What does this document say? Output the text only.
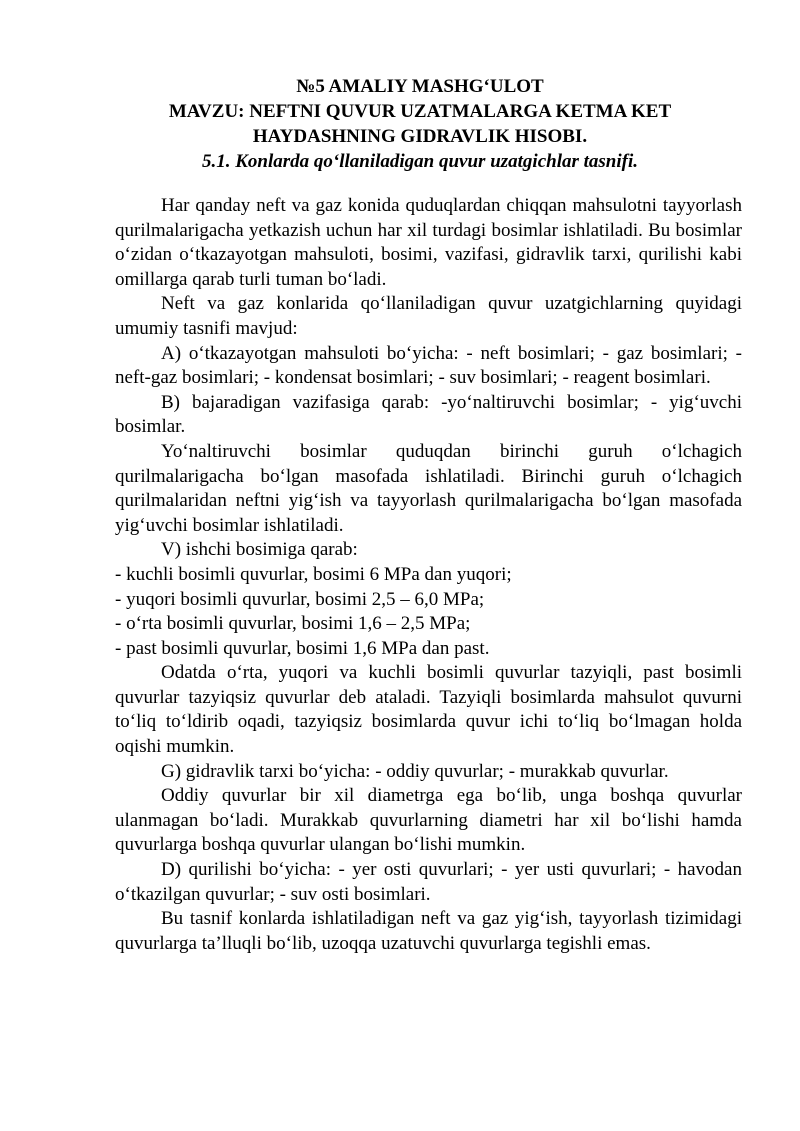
№5 AMALIY MASHG‘ULOT
MAVZU: NEFTNI QUVUR UZATMALARGA KETMA KET
HAYDASHNING GIDRAVLIK HISOBI.
5.1. Konlarda qo‘llaniladigan quvur uzatgichlar tasnifi.

Har qanday neft va gaz konida quduqlardan chiqqan mahsulotni tayyorlash qurilmalarigacha yetkazish uchun har xil turdagi bosimlar ishlatiladi. Bu bosimlar o‘zidan o‘tkazayotgan mahsuloti, bosimi, vazifasi, gidravlik tarxi, qurilishi kabi omillarga qarab turli tuman bo‘ladi.

Neft va gaz konlarida qo‘llaniladigan quvur uzatgichlarning quyidagi umumiy tasnifi mavjud:

A) o‘tkazayotgan mahsuloti bo‘yicha: - neft bosimlari; - gaz bosimlari; - neft-gaz bosimlari; - kondensat bosimlari; - suv bosimlari; - reagent bosimlari.

B) bajaradigan vazifasiga qarab: -yo‘naltiruvchi bosimlar; - yig‘uvchi bosimlar.

Yo‘naltiruvchi bosimlar quduqdan birinchi guruh o‘lchagich qurilmalarigacha bo‘lgan masofada ishlatiladi. Birinchi guruh o‘lchagich qurilmalaridan neftni yig‘ish va tayyorlash qurilmalarigacha bo‘lgan masofada yig‘uvchi bosimlar ishlatiladi.

V) ishchi bosimiga qarab:

- kuchli bosimli quvurlar, bosimi 6 MPa dan yuqori;

- yuqori bosimli quvurlar, bosimi 2,5 – 6,0 MPa;

- o‘rta bosimli quvurlar, bosimi 1,6 – 2,5 MPa;

- past bosimli quvurlar, bosimi 1,6 MPa dan past.

Odatda o‘rta, yuqori va kuchli bosimli quvurlar tazyiqli, past bosimli quvurlar tazyiqsiz quvurlar deb ataladi. Tazyiqli bosimlarda mahsulot quvurni to‘liq to‘ldirib oqadi, tazyiqsiz bosimlarda quvur ichi to‘liq bo‘lmagan holda oqishi mumkin.

G) gidravlik tarxi bo‘yicha: - oddiy quvurlar; - murakkab quvurlar.

Oddiy quvurlar bir xil diametrga ega bo‘lib, unga boshqa quvurlar ulanmagan bo‘ladi. Murakkab quvurlarning diametri har xil bo‘lishi hamda quvurlarga boshqa quvurlar ulangan bo‘lishi mumkin.

D) qurilishi bo‘yicha: - yer osti quvurlari; - yer usti quvurlari; - havodan o‘tkazilgan quvurlar; - suv osti bosimlari.

Bu tasnif konlarda ishlatiladigan neft va gaz yig‘ish, tayyorlash tizimidagi quvurlarga ta’lluqli bo‘lib, uzoqqa uzatuvchi quvurlarga tegishli emas.
